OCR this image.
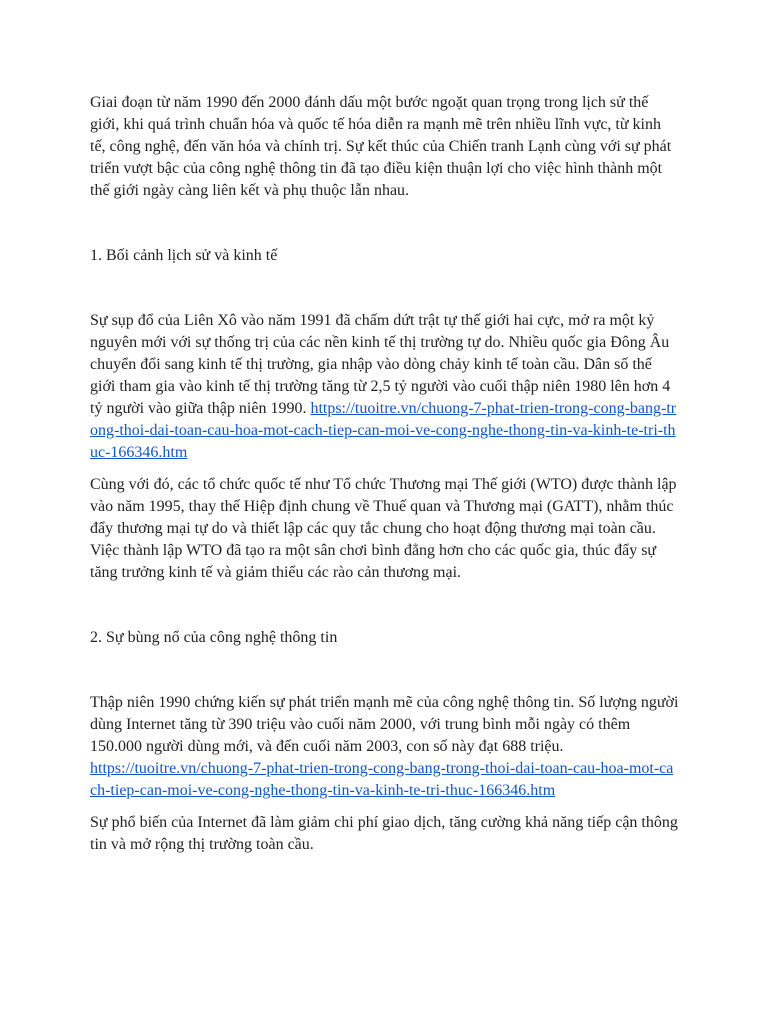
Giai đoạn từ năm 1990 đến 2000 đánh dấu một bước ngoặt quan trọng trong lịch sử thế giới, khi quá trình chuẩn hóa và quốc tế hóa diễn ra mạnh mẽ trên nhiều lĩnh vực, từ kinh tế, công nghệ, đến văn hóa và chính trị. Sự kết thúc của Chiến tranh Lạnh cùng với sự phát triển vượt bậc của công nghệ thông tin đã tạo điều kiện thuận lợi cho việc hình thành một thế giới ngày càng liên kết và phụ thuộc lẫn nhau.

1. Bối cảnh lịch sử và kinh tế

Sự sụp đổ của Liên Xô vào năm 1991 đã chấm dứt trật tự thế giới hai cực, mở ra một kỷ nguyên mới với sự thống trị của các nền kinh tế thị trường tự do. Nhiều quốc gia Đông Âu chuyển đổi sang kinh tế thị trường, gia nhập vào dòng chảy kinh tế toàn cầu. Dân số thế giới tham gia vào kinh tế thị trường tăng từ 2,5 tỷ người vào cuối thập niên 1980 lên hơn 4 tỷ người vào giữa thập niên 1990. https://tuoitre.vn/chuong-7-phat-trien-trong-cong-bang-trong-thoi-dai-toan-cau-hoa-mot-cach-tiep-can-moi-ve-cong-nghe-thong-tin-va-kinh-te-tri-thuc-166346.htm

Cùng với đó, các tổ chức quốc tế như Tổ chức Thương mại Thế giới (WTO) được thành lập vào năm 1995, thay thế Hiệp định chung về Thuế quan và Thương mại (GATT), nhằm thúc đẩy thương mại tự do và thiết lập các quy tắc chung cho hoạt động thương mại toàn cầu. Việc thành lập WTO đã tạo ra một sân chơi bình đẳng hơn cho các quốc gia, thúc đẩy sự tăng trưởng kinh tế và giảm thiểu các rào cản thương mại.

2. Sự bùng nổ của công nghệ thông tin

Thập niên 1990 chứng kiến sự phát triển mạnh mẽ của công nghệ thông tin. Số lượng người dùng Internet tăng từ 390 triệu vào cuối năm 2000, với trung bình mỗi ngày có thêm 150.000 người dùng mới, và đến cuối năm 2003, con số này đạt 688 triệu.
https://tuoitre.vn/chuong-7-phat-trien-trong-cong-bang-trong-thoi-dai-toan-cau-hoa-mot-cach-tiep-can-moi-ve-cong-nghe-thong-tin-va-kinh-te-tri-thuc-166346.htm

Sự phổ biến của Internet đã làm giảm chi phí giao dịch, tăng cường khả năng tiếp cận thông tin và mở rộng thị trường toàn cầu.
